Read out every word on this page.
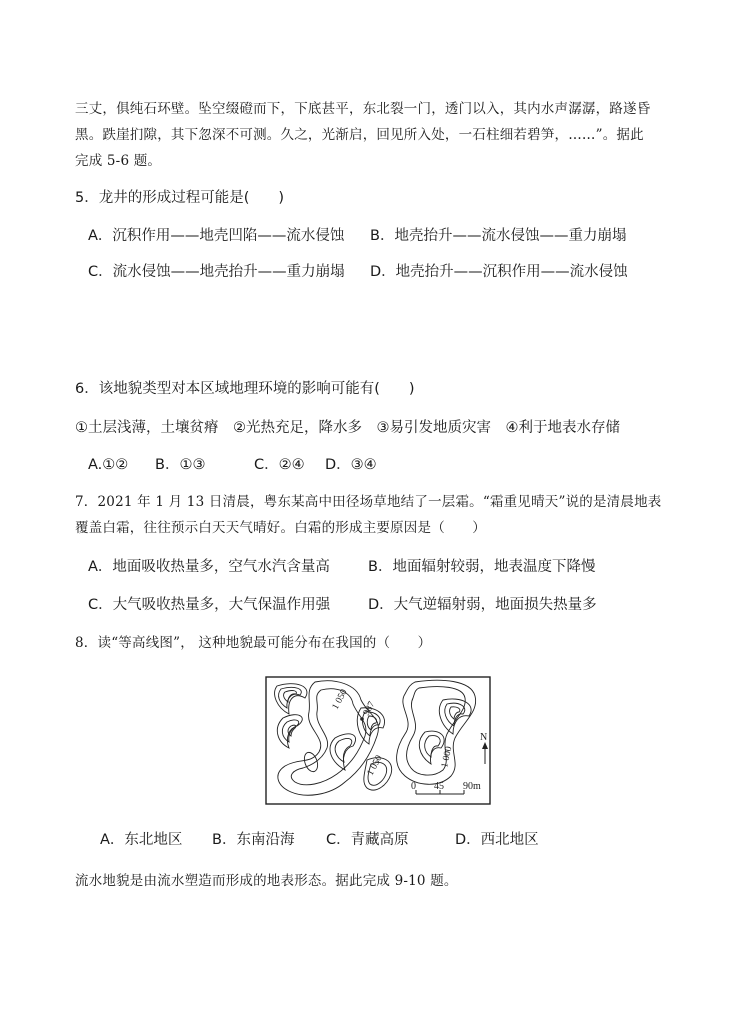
三丈，俱纯石环壁。坠空缀磴而下，下底甚平，东北裂一门，透门以入，其内水声潺潺，路遂昏
黑。跌崖扪隙，其下忽深不可测。久之，光渐启，回见所入处，一石柱细若碧笋，……”。据此
完成 5-6 题。
5．龙井的形成过程可能是(　　)
A．沉积作用——地壳凹陷——流水侵蚀 B．地壳抬升——流水侵蚀——重力崩塌
C．流水侵蚀——地壳抬升——重力崩塌 D．地壳抬升——沉积作用——流水侵蚀
6．该地貌类型对本区域地理环境的影响可能有(　　)
①土层浅薄，土壤贫瘠　②光热充足，降水多　③易引发地质灾害　④利于地表水存储
A.①② B．①③	C．②④ D．③④
7．2021 年 1 月 13 日清晨，粤东某高中田径场草地结了一层霜。“霜重见晴天”说的是清晨地表
覆盖白霜，往往预示白天天气晴好。白霜的形成主要原因是（　　）
A．地面吸收热量多，空气水汽含量高	B．地面辐射较弱，地表温度下降慢
C．大气吸收热量多，大气保温作用强	D．大气逆辐射弱，地面损失热量多
8．读“等高线图”， 这种地貌最可能分布在我国的（　　）
1 050 987
1 050	1 000
N
0 45 90m
A．东北地区 B．东南沿海 C．青藏高原	D．西北地区
流水地貌是由流水塑造而形成的地表形态。据此完成 9-10 题。
